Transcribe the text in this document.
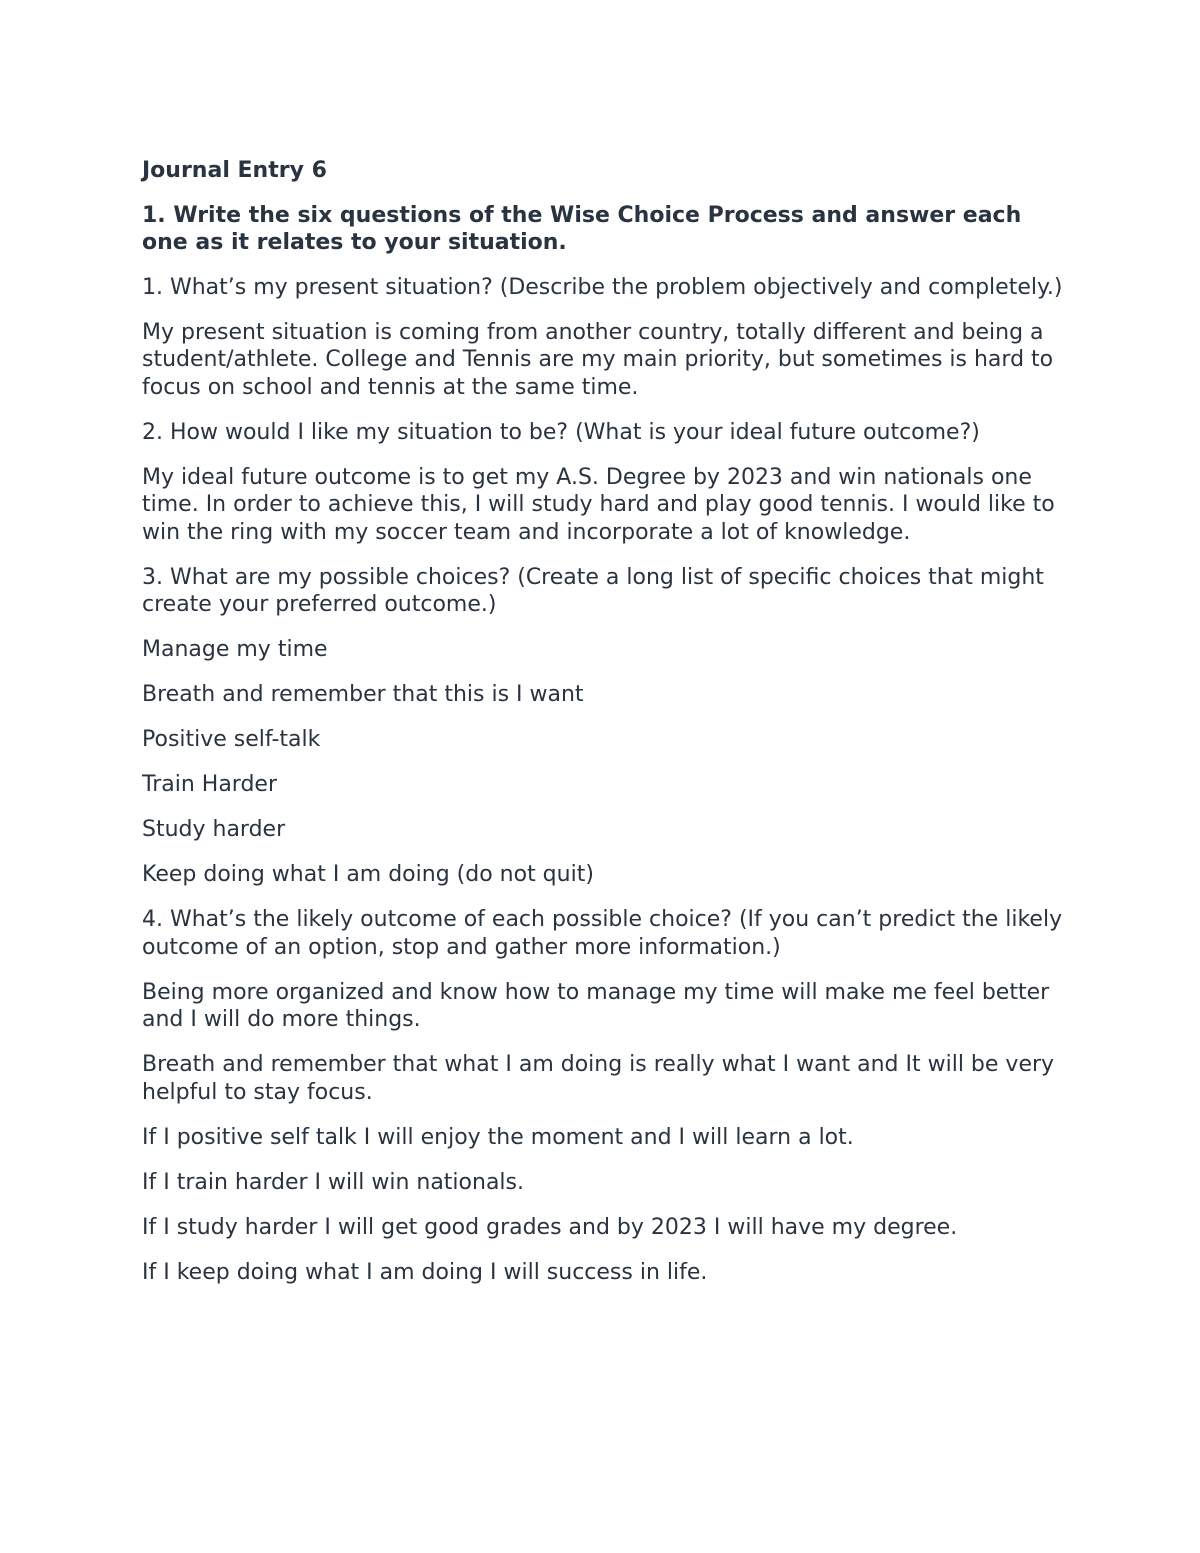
Journal Entry 6
1. Write the six questions of the Wise Choice Process and answer each one as it relates to your situation.
1. What’s my present situation? (Describe the problem objectively and completely.)
My present situation is coming from another country, totally different and being a student/athlete. College and Tennis are my main priority, but sometimes is hard to focus on school and tennis at the same time.
2. How would I like my situation to be? (What is your ideal future outcome?)
My ideal future outcome is to get my A.S. Degree by 2023 and win nationals one time. In order to achieve this, I will study hard and play good tennis. I would like to win the ring with my soccer team and incorporate a lot of knowledge.
3. What are my possible choices? (Create a long list of specific choices that might create your preferred outcome.)
Manage my time
Breath and remember that this is I want
Positive self-talk
Train Harder
Study harder
Keep doing what I am doing (do not quit)
4. What’s the likely outcome of each possible choice? (If you can’t predict the likely outcome of an option, stop and gather more information.)
Being more organized and know how to manage my time will make me feel better and I will do more things.
Breath and remember that what I am doing is really what I want and It will be very helpful to stay focus.
If I positive self talk I will enjoy the moment and I will learn a lot.
If I train harder I will win nationals.
If I study harder I will get good grades and by 2023 I will have my degree.
If I keep doing what I am doing I will success in life.
